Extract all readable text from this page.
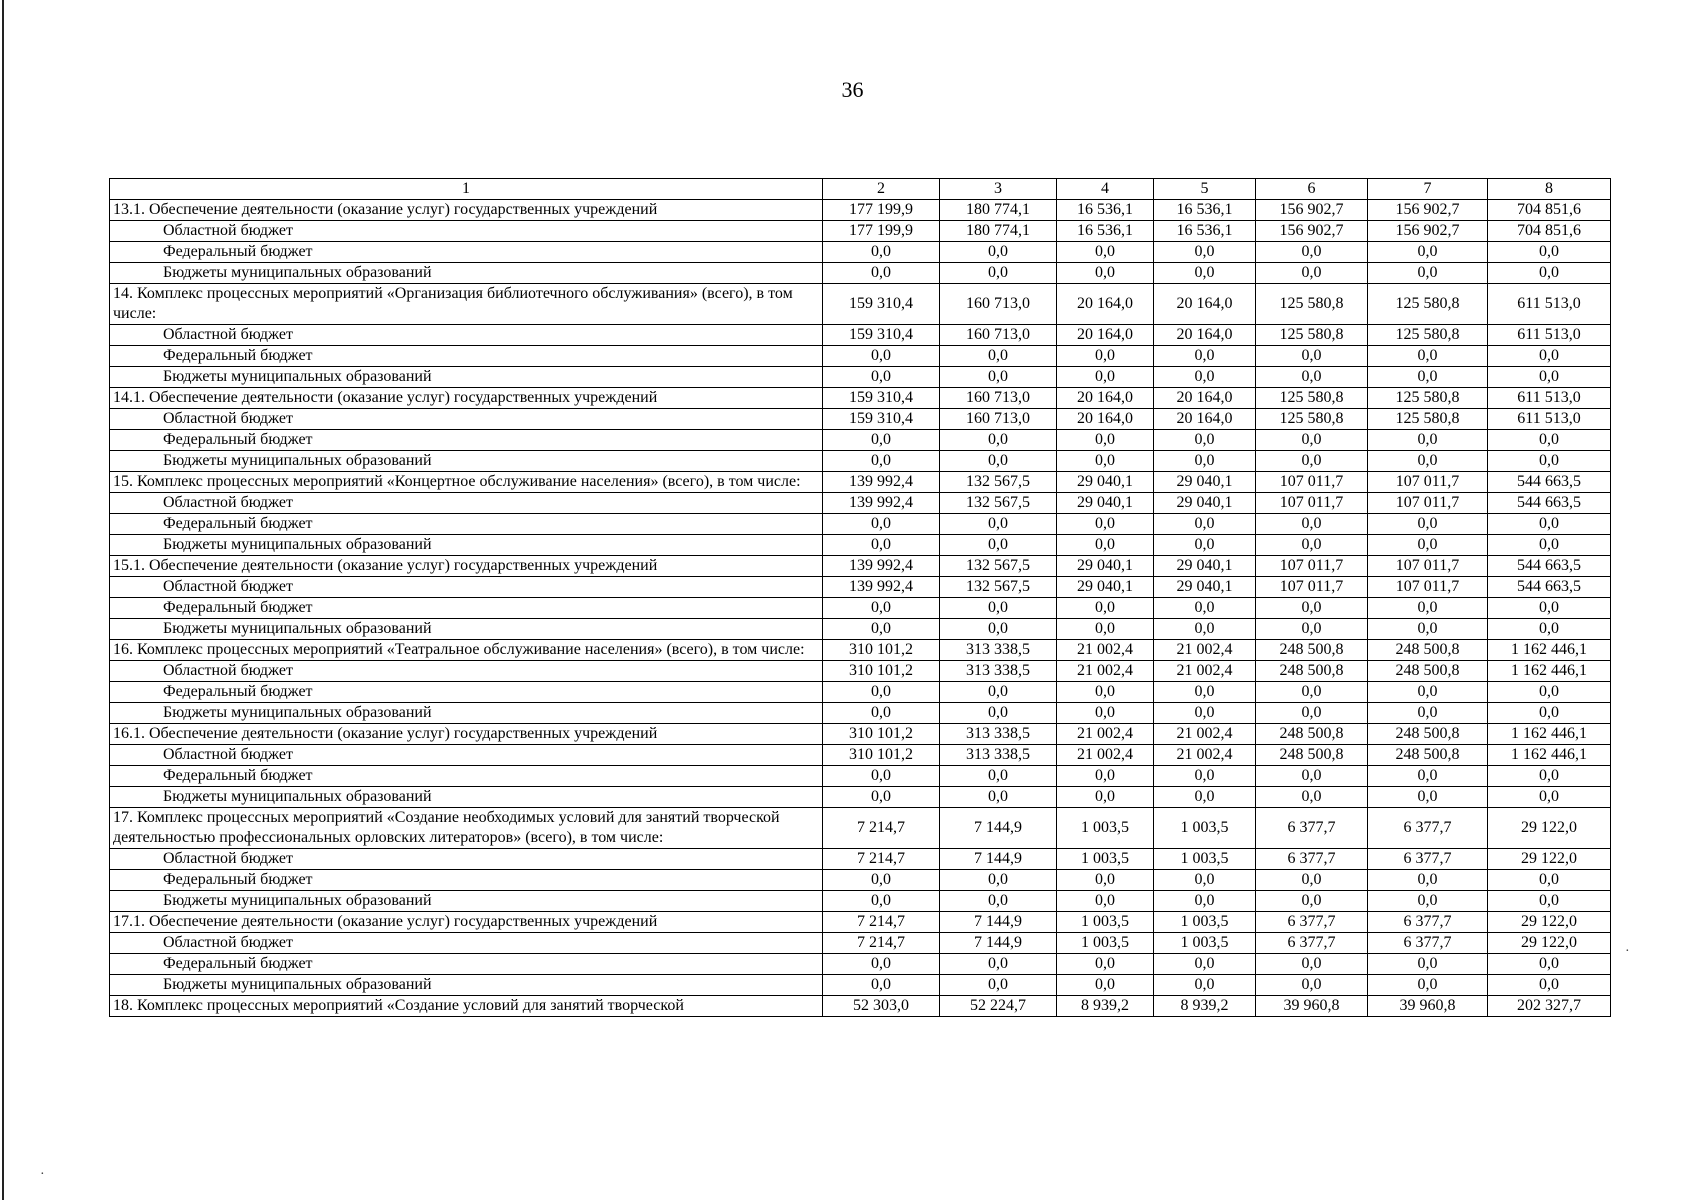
·
·
36
1	2	3	4	5	6	7	8
13.1. Обеспечение деятельности (оказание услуг) государственных учреждений	177 199,9	180 774,1	16 536,1	16 536,1	156 902,7	156 902,7	704 851,6
Областной бюджет	177 199,9	180 774,1	16 536,1	16 536,1	156 902,7	156 902,7	704 851,6
Федеральный бюджет	0,0	0,0	0,0	0,0	0,0	0,0	0,0
Бюджеты муниципальных образований	0,0	0,0	0,0	0,0	0,0	0,0	0,0
14. Комплекс процессных мероприятий «Организация библиотечного обслуживания» (всего), в том числе:	159 310,4	160 713,0	20 164,0	20 164,0	125 580,8	125 580,8	611 513,0
Областной бюджет	159 310,4	160 713,0	20 164,0	20 164,0	125 580,8	125 580,8	611 513,0
Федеральный бюджет	0,0	0,0	0,0	0,0	0,0	0,0	0,0
Бюджеты муниципальных образований	0,0	0,0	0,0	0,0	0,0	0,0	0,0
14.1. Обеспечение деятельности (оказание услуг) государственных учреждений	159 310,4	160 713,0	20 164,0	20 164,0	125 580,8	125 580,8	611 513,0
Областной бюджет	159 310,4	160 713,0	20 164,0	20 164,0	125 580,8	125 580,8	611 513,0
Федеральный бюджет	0,0	0,0	0,0	0,0	0,0	0,0	0,0
Бюджеты муниципальных образований	0,0	0,0	0,0	0,0	0,0	0,0	0,0
15. Комплекс процессных мероприятий «Концертное обслуживание населения» (всего), в том числе:	139 992,4	132 567,5	29 040,1	29 040,1	107 011,7	107 011,7	544 663,5
Областной бюджет	139 992,4	132 567,5	29 040,1	29 040,1	107 011,7	107 011,7	544 663,5
Федеральный бюджет	0,0	0,0	0,0	0,0	0,0	0,0	0,0
Бюджеты муниципальных образований	0,0	0,0	0,0	0,0	0,0	0,0	0,0
15.1. Обеспечение деятельности (оказание услуг) государственных учреждений	139 992,4	132 567,5	29 040,1	29 040,1	107 011,7	107 011,7	544 663,5
Областной бюджет	139 992,4	132 567,5	29 040,1	29 040,1	107 011,7	107 011,7	544 663,5
Федеральный бюджет	0,0	0,0	0,0	0,0	0,0	0,0	0,0
Бюджеты муниципальных образований	0,0	0,0	0,0	0,0	0,0	0,0	0,0
16. Комплекс процессных мероприятий «Театральное обслуживание населения» (всего), в том числе:	310 101,2	313 338,5	21 002,4	21 002,4	248 500,8	248 500,8	1 162 446,1
Областной бюджет	310 101,2	313 338,5	21 002,4	21 002,4	248 500,8	248 500,8	1 162 446,1
Федеральный бюджет	0,0	0,0	0,0	0,0	0,0	0,0	0,0
Бюджеты муниципальных образований	0,0	0,0	0,0	0,0	0,0	0,0	0,0
16.1. Обеспечение деятельности (оказание услуг) государственных учреждений	310 101,2	313 338,5	21 002,4	21 002,4	248 500,8	248 500,8	1 162 446,1
Областной бюджет	310 101,2	313 338,5	21 002,4	21 002,4	248 500,8	248 500,8	1 162 446,1
Федеральный бюджет	0,0	0,0	0,0	0,0	0,0	0,0	0,0
Бюджеты муниципальных образований	0,0	0,0	0,0	0,0	0,0	0,0	0,0
17. Комплекс процессных мероприятий «Создание необходимых условий для занятий творческой деятельностью профессиональных орловских литераторов» (всего), в том числе:	7 214,7	7 144,9	1 003,5	1 003,5	6 377,7	6 377,7	29 122,0
Областной бюджет	7 214,7	7 144,9	1 003,5	1 003,5	6 377,7	6 377,7	29 122,0
Федеральный бюджет	0,0	0,0	0,0	0,0	0,0	0,0	0,0
Бюджеты муниципальных образований	0,0	0,0	0,0	0,0	0,0	0,0	0,0
17.1. Обеспечение деятельности (оказание услуг) государственных учреждений	7 214,7	7 144,9	1 003,5	1 003,5	6 377,7	6 377,7	29 122,0
Областной бюджет	7 214,7	7 144,9	1 003,5	1 003,5	6 377,7	6 377,7	29 122,0
Федеральный бюджет	0,0	0,0	0,0	0,0	0,0	0,0	0,0
Бюджеты муниципальных образований	0,0	0,0	0,0	0,0	0,0	0,0	0,0
18. Комплекс процессных мероприятий «Создание условий для занятий творческой	52 303,0	52 224,7	8 939,2	8 939,2	39 960,8	39 960,8	202 327,7
